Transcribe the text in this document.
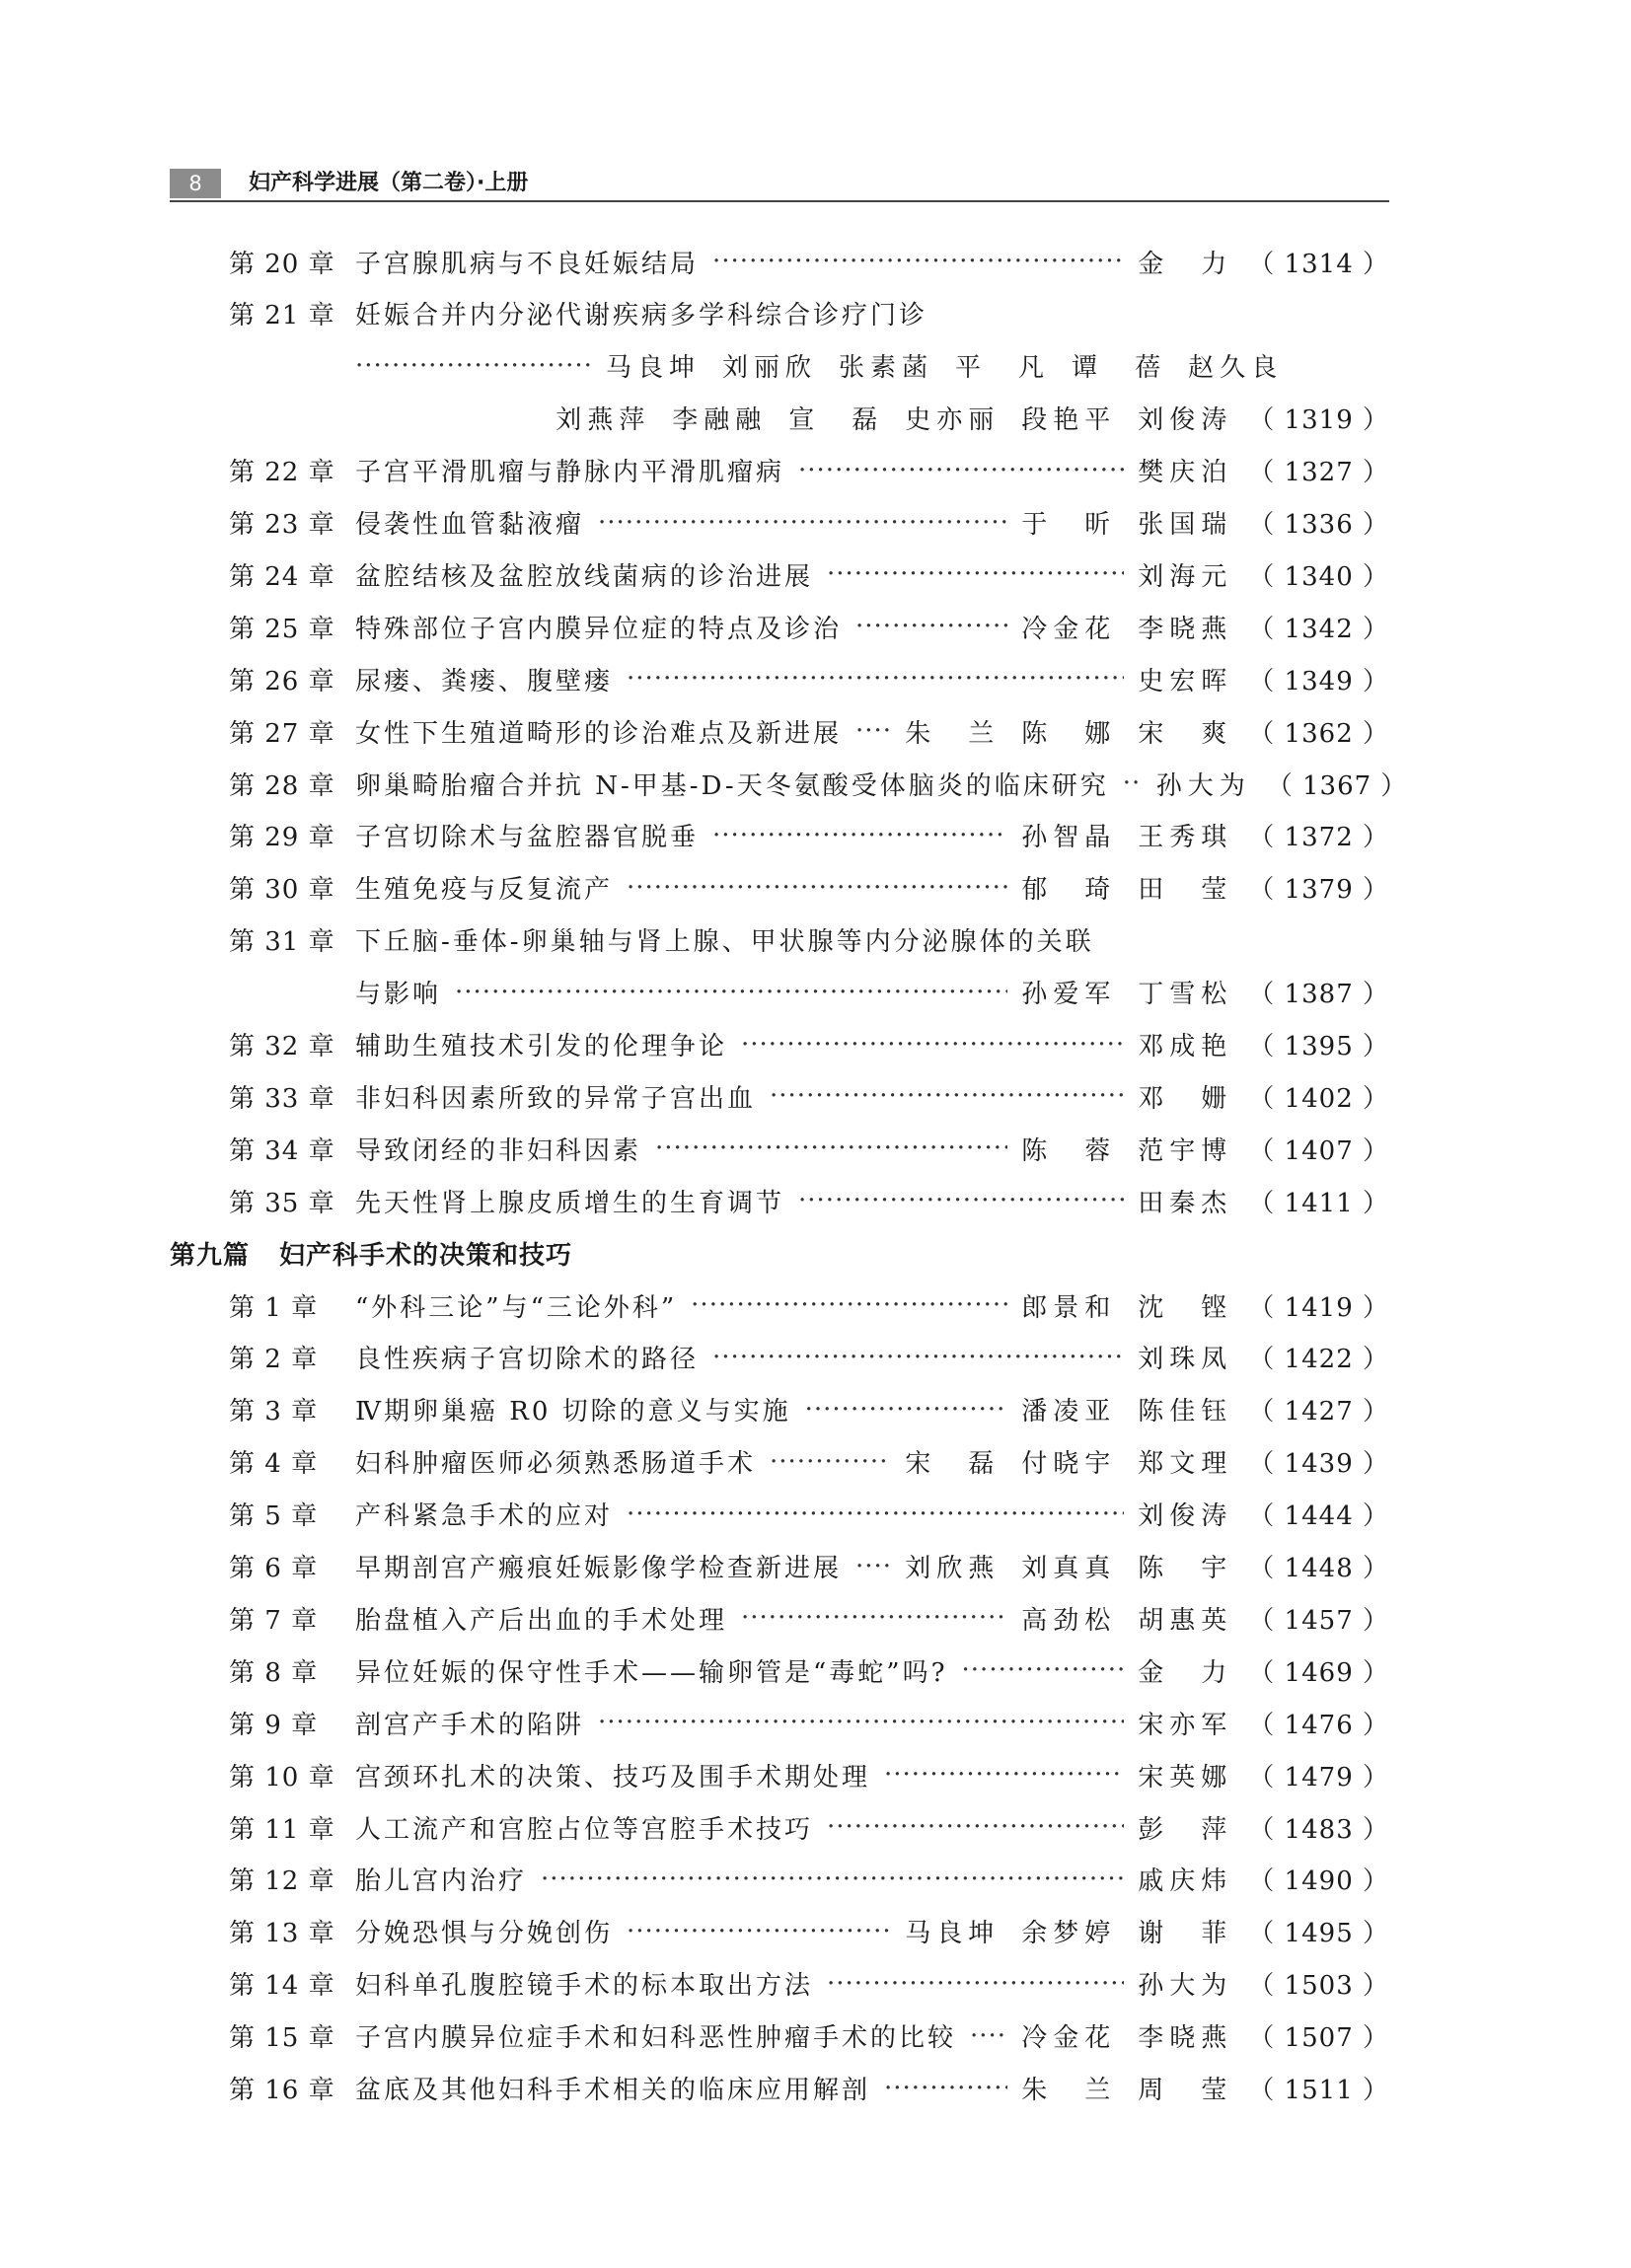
8	妇产科学进展（第二卷）·上册
第 20 章 子宫腺肌病与不良妊娠结局 ·····	金　力 （ 1314 ）
第 21 章 妊娠合并内分泌代谢疾病多学科综合诊疗门诊
·····
马良坤 刘丽欣 张素菡 平　凡 谭　蓓 赵久良
刘燕萍 李融融 宣　磊 史亦丽 段艳平 刘俊涛 （ 1319 ）
第 22 章 子宫平滑肌瘤与静脉内平滑肌瘤病 ·····	樊庆泊 （ 1327 ）
第 23 章 侵袭性血管黏液瘤 ·····	于　昕 张国瑞 （ 1336 ）
第 24 章 盆腔结核及盆腔放线菌病的诊治进展 ·····	刘海元 （ 1340 ）
第 25 章 特殊部位子宫内膜异位症的特点及诊治 ·····	冷金花 李晓燕 （ 1342 ）
第 26 章 尿瘘、粪瘘、腹壁瘘 ·····	史宏晖 （ 1349 ）
第 27 章 女性下生殖道畸形的诊治难点及新进展 ····· 朱　兰 陈　娜 宋　爽 （ 1362 ）
第 28 章 卵巢畸胎瘤合并抗 N-甲基-D-天冬氨酸受体脑炎的临床研究 ····· 孙大为 （ 1367 ）
第 29 章 子宫切除术与盆腔器官脱垂 ·····	孙智晶 王秀琪 （ 1372 ）
第 30 章 生殖免疫与反复流产 ·····	郁　琦 田　莹 （ 1379 ）
第 31 章 下丘脑-垂体-卵巢轴与肾上腺、甲状腺等内分泌腺体的关联
与影响 ·····	孙爱军 丁雪松 （ 1387 ）
第 32 章 辅助生殖技术引发的伦理争论 ·····	邓成艳 （ 1395 ）
第 33 章 非妇科因素所致的异常子宫出血 ·····	邓　姗 （ 1402 ）
第 34 章 导致闭经的非妇科因素 ·····	陈　蓉 范宇博 （ 1407 ）
第 35 章 先天性肾上腺皮质增生的生育调节 ·····	田秦杰 （ 1411 ）
第九篇 妇产科手术的决策和技巧
第 1 章	“外科三论”与“三论外科” ·····	郎景和 沈　铿 （ 1419 ）
第 2 章	良性疾病子宫切除术的路径 ·····	刘珠凤 （ 1422 ）
第 3 章	Ⅳ期卵巢癌 R0 切除的意义与实施 ·····	潘凌亚 陈佳钰 （ 1427 ）
第 4 章	妇科肿瘤医师必须熟悉肠道手术 ·····	宋　磊 付晓宇 郑文理 （ 1439 ）
第 5 章	产科紧急手术的应对 ·····	刘俊涛 （ 1444 ）
第 6 章	早期剖宫产瘢痕妊娠影像学检查新进展 ····· 刘欣燕 刘真真 陈　宇 （ 1448 ）
第 7 章	胎盘植入产后出血的手术处理 ·····	高劲松 胡惠英 （ 1457 ）
第 8 章	异位妊娠的保守性手术——输卵管是“毒蛇”吗? ·····	金　力 （ 1469 ）
第 9 章	剖宫产手术的陷阱 ·····	宋亦军 （ 1476 ）
第 10 章 宫颈环扎术的决策、技巧及围手术期处理 ·····	宋英娜 （ 1479 ）
第 11 章 人工流产和宫腔占位等宫腔手术技巧 ·····	彭　萍 （ 1483 ）
第 12 章 胎儿宫内治疗 ·····	戚庆炜 （ 1490 ）
第 13 章 分娩恐惧与分娩创伤 ·····	马良坤 余梦婷 谢　菲 （ 1495 ）
第 14 章 妇科单孔腹腔镜手术的标本取出方法 ·····	孙大为 （ 1503 ）
第 15 章 子宫内膜异位症手术和妇科恶性肿瘤手术的比较 ·····	冷金花 李晓燕 （ 1507 ）
第 16 章 盆底及其他妇科手术相关的临床应用解剖 ·····	朱　兰 周　莹 （ 1511 ）
